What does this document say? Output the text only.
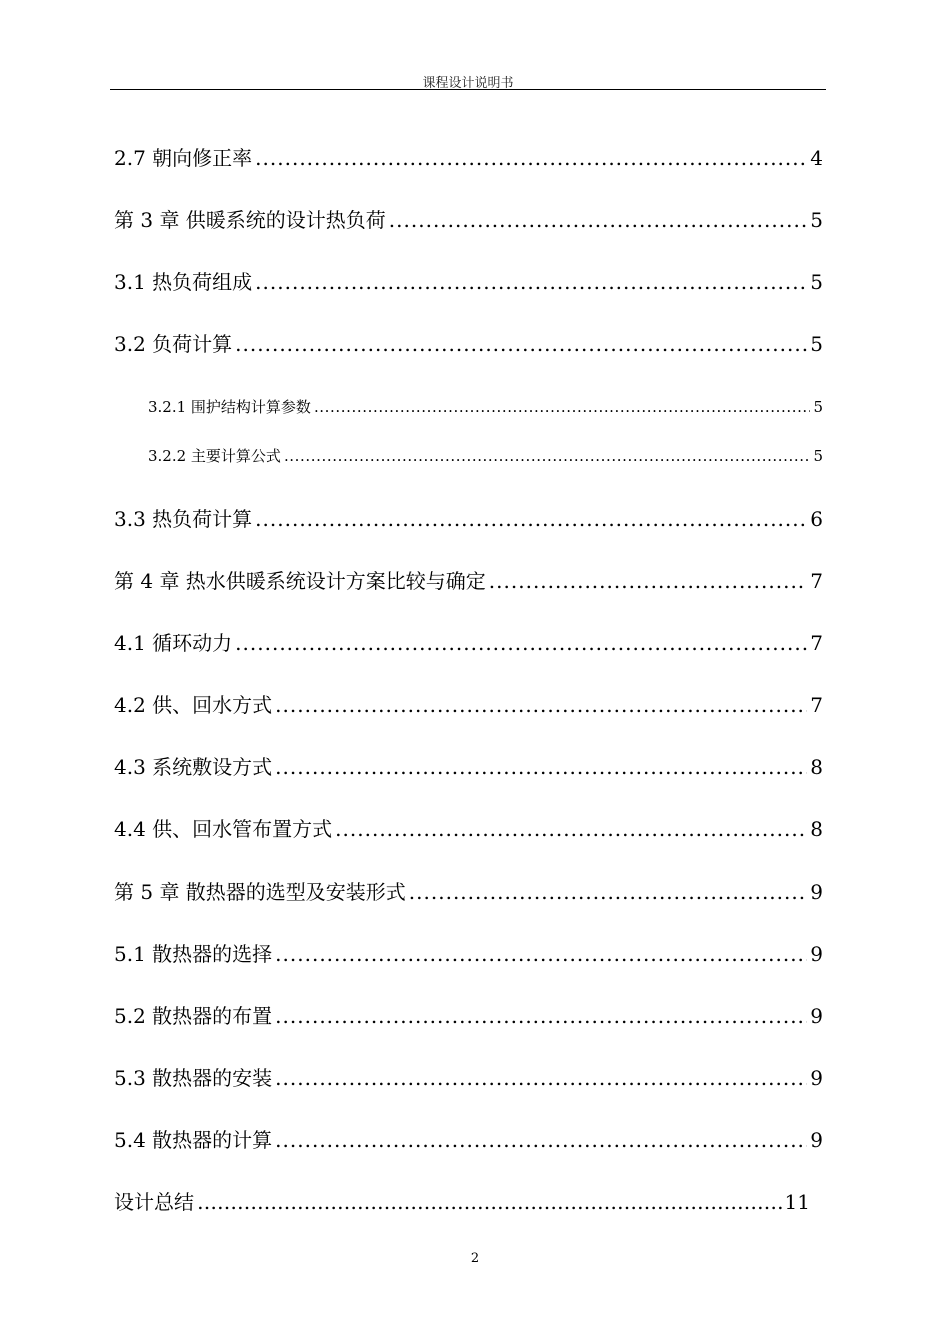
课程设计说明书
2.7 朝向修正率 .....	4
第 3 章 供暖系统的设计热负荷 .....	5
3.1 热负荷组成 .....	5
3.2 负荷计算 .....	5
3.2.1 围护结构计算参数 .....	5
3.2.2 主要计算公式 .....	5
3.3 热负荷计算 .....	6
第 4 章 热水供暖系统设计方案比较与确定 .....	7
4.1 循环动力 .....	7
4.2 供、回水方式 .....	7
4.3 系统敷设方式 .....	8
4.4 供、回水管布置方式 .....	8
第 5 章 散热器的选型及安装形式 .....	9
5.1 散热器的选择 .....	9
5.2 散热器的布置 .....	9
5.3 散热器的安装 .....	9
5.4 散热器的计算 .....	9
设计总结 …………………………………………………………………………………………………………………………………………………………………………………………	11
2
